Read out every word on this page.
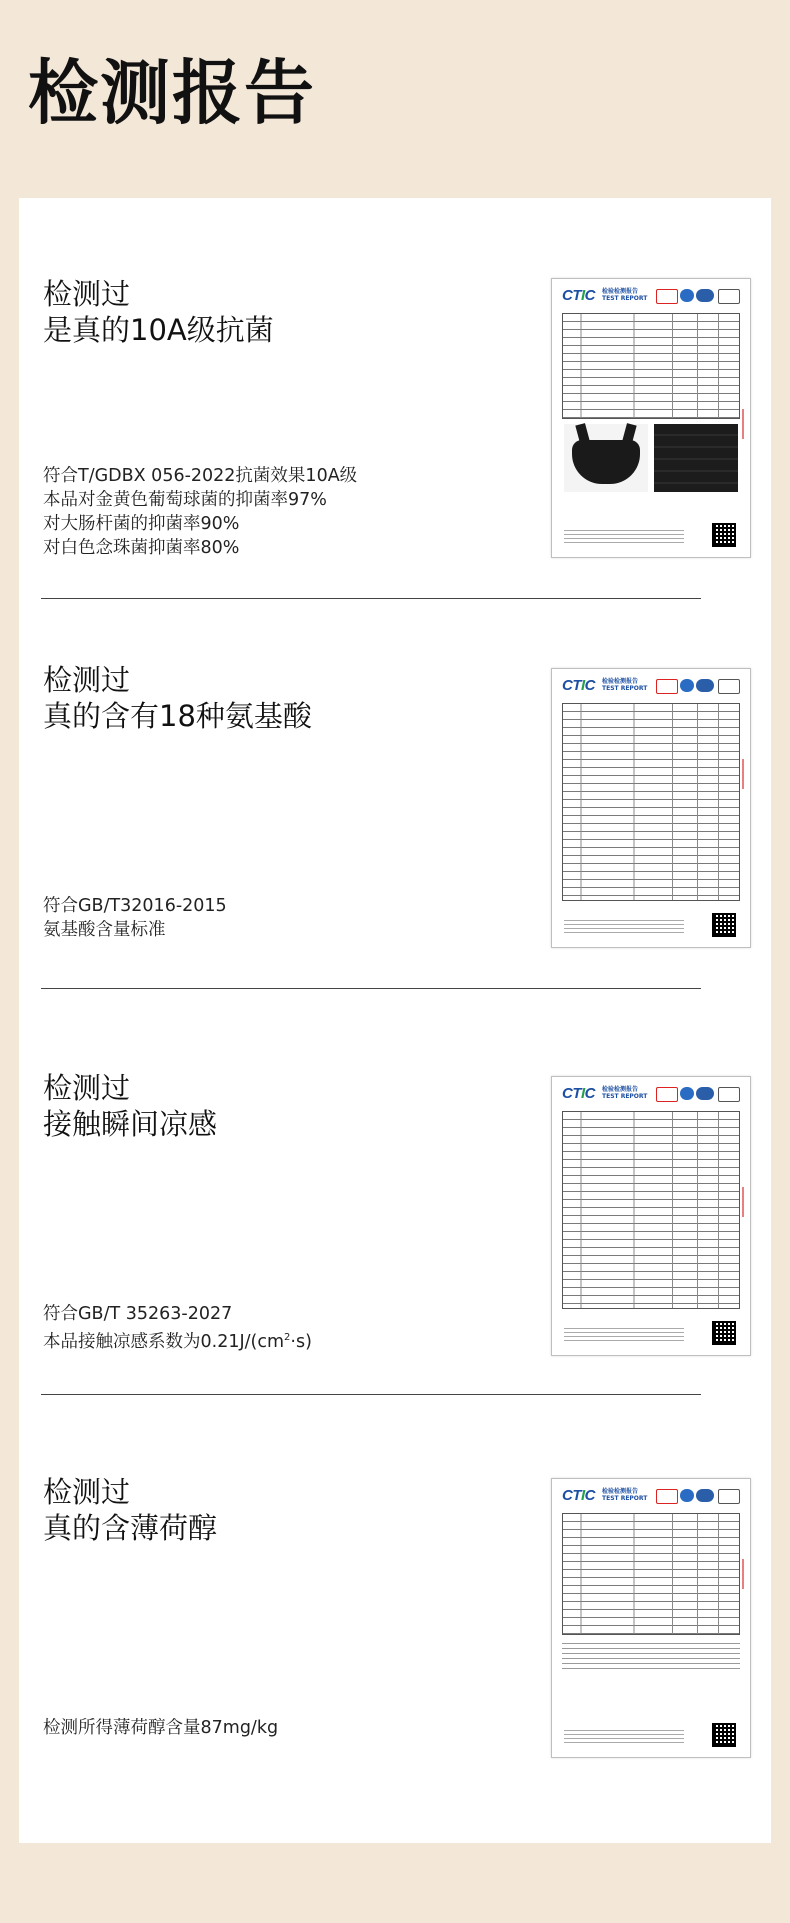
检测报告
检测过
是真的10A级抗菌
符合T/GDBX 056-2022抗菌效果10A级
本品对金黄色葡萄球菌的抑菌率97%
对大肠杆菌的抑菌率90%
对白色念珠菌抑菌率80%
CTIC 检验检测报告
TEST REPORT
检测过
真的含有18种氨基酸
符合GB/T32016-2015
氨基酸含量标准
CTIC 检验检测报告
TEST REPORT
检测过
接触瞬间凉感
符合GB/T 35263-2027
本品接触凉感系数为$0.21J/(cm^2\cdot s)$
CTIC 检验检测报告
TEST REPORT
检测过
真的含薄荷醇
检测所得薄荷醇含量87mg/kg
CTIC 检验检测报告
TEST REPORT
